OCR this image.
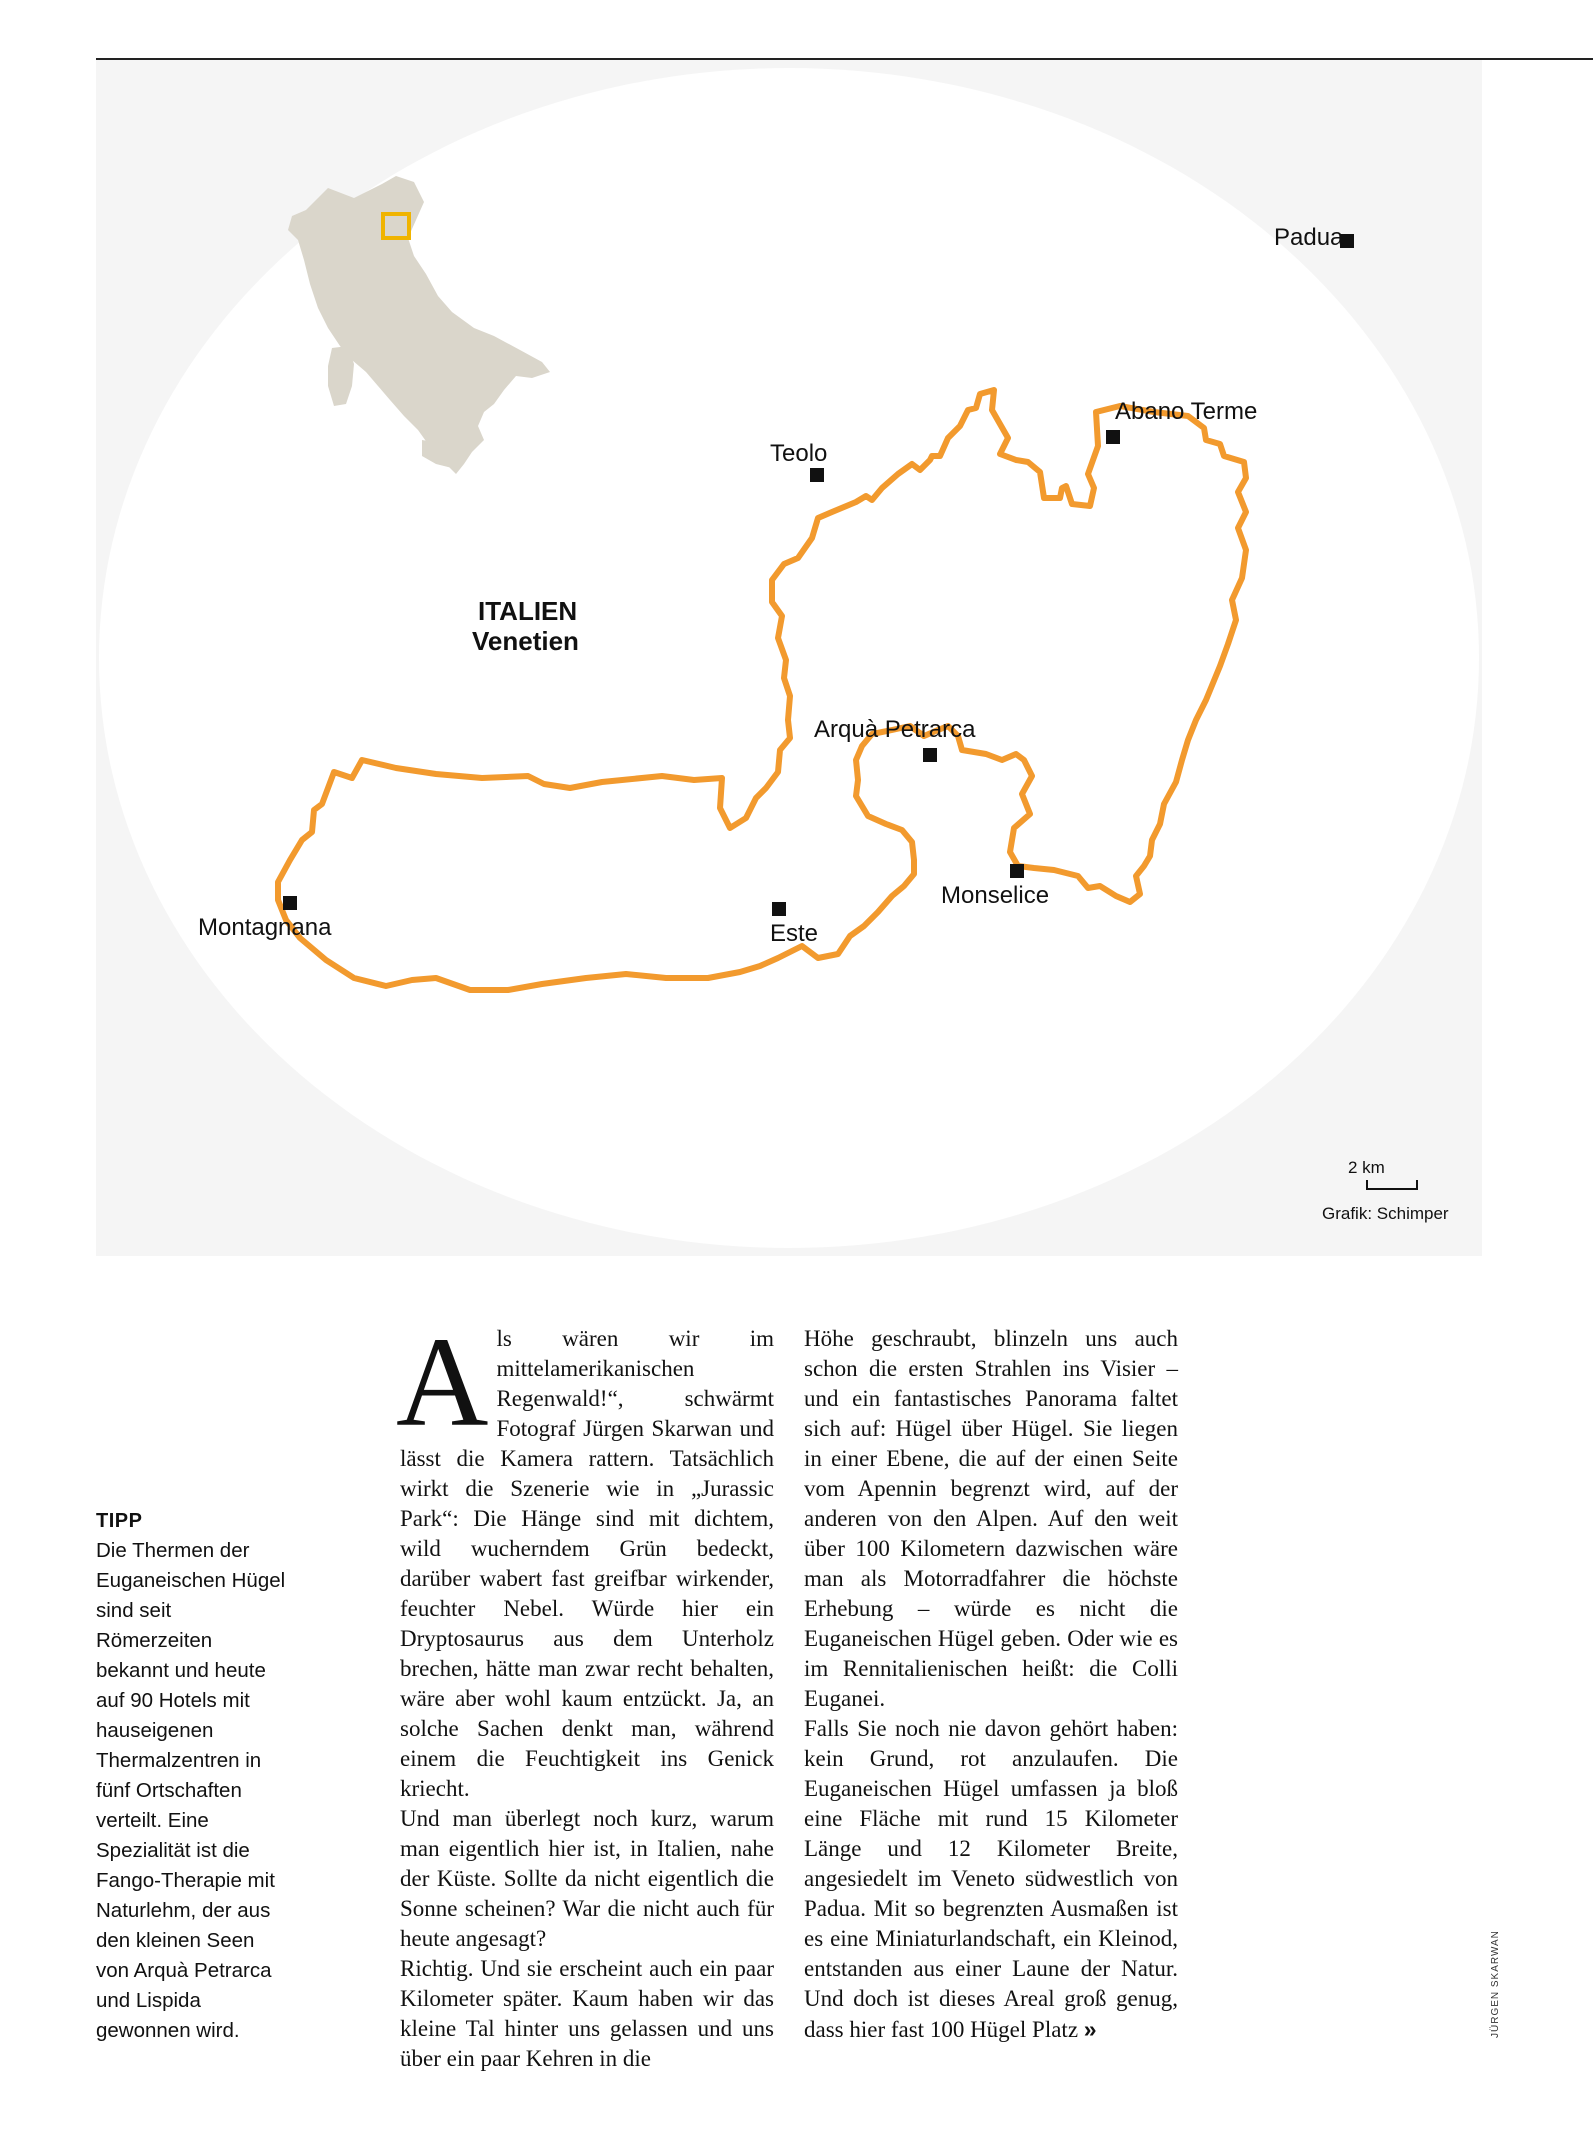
Padua
Abano Terme
Teolo
ITALIEN
Venetien
Arquà Petrarca
Monselice
Montagnana	Este
2 km
Grafik: Schimper
TIPP
Die Thermen der Euganeischen Hügel sind seit Römerzeiten bekannt und heute auf 90 Hotels mit hauseigenen Thermalzentren in fünf Ortschaften verteilt. Eine Spezialität ist die Fango-Therapie mit Naturlehm, der aus den kleinen Seen von Arquà Petrarca und Lispida gewonnen wird.
A ls wären wir im mittelamerikanischen Regenwald!“, schwärmt Fotograf Jürgen Skarwan und lässt die Kamera rattern. Tatsächlich wirkt die Szenerie wie in „Jurassic Park“: Die Hänge sind mit dichtem, wild wucherndem Grün bedeckt, darüber wabert fast greifbar wirkender, feuchter Nebel. Würde hier ein Dryptosaurus aus dem Unterholz brechen, hätte man zwar recht behalten, wäre aber wohl kaum entzückt. Ja, an solche Sachen denkt man, während einem die Feuchtigkeit ins Genick kriecht.

Und man überlegt noch kurz, warum man eigentlich hier ist, in Italien, nahe der Küste. Sollte da nicht eigentlich die Sonne scheinen? War die nicht auch für heute angesagt?

Richtig. Und sie erscheint auch ein paar Kilometer später. Kaum haben wir das kleine Tal hinter uns gelassen und uns über ein paar Kehren in die

Höhe geschraubt, blinzeln uns auch schon die ersten Strahlen ins Visier – und ein fantastisches Panorama faltet sich auf: Hügel über Hügel. Sie liegen in einer Ebene, die auf der einen Seite vom Apennin begrenzt wird, auf der anderen von den Alpen. Auf den weit über 100 Kilometern dazwischen wäre man als Motorradfahrer die höchste Erhebung – würde es nicht die Euganeischen Hügel geben. Oder wie es im Rennitalienischen heißt: die Colli Euganei.

Falls Sie noch nie davon gehört haben: kein Grund, rot anzulaufen. Die Euganeischen Hügel umfassen ja bloß eine Fläche mit rund 15 Kilometer Länge und 12 Kilometer Breite, angesiedelt im Veneto südwestlich von Padua. Mit so begrenzten Ausmaßen ist es eine Miniaturlandschaft, ein Kleinod, entstanden aus einer Laune der Natur. Und doch ist dieses Areal groß genug, dass hier fast 100 Hügel Platz »	JÜRGEN SKARWAN
